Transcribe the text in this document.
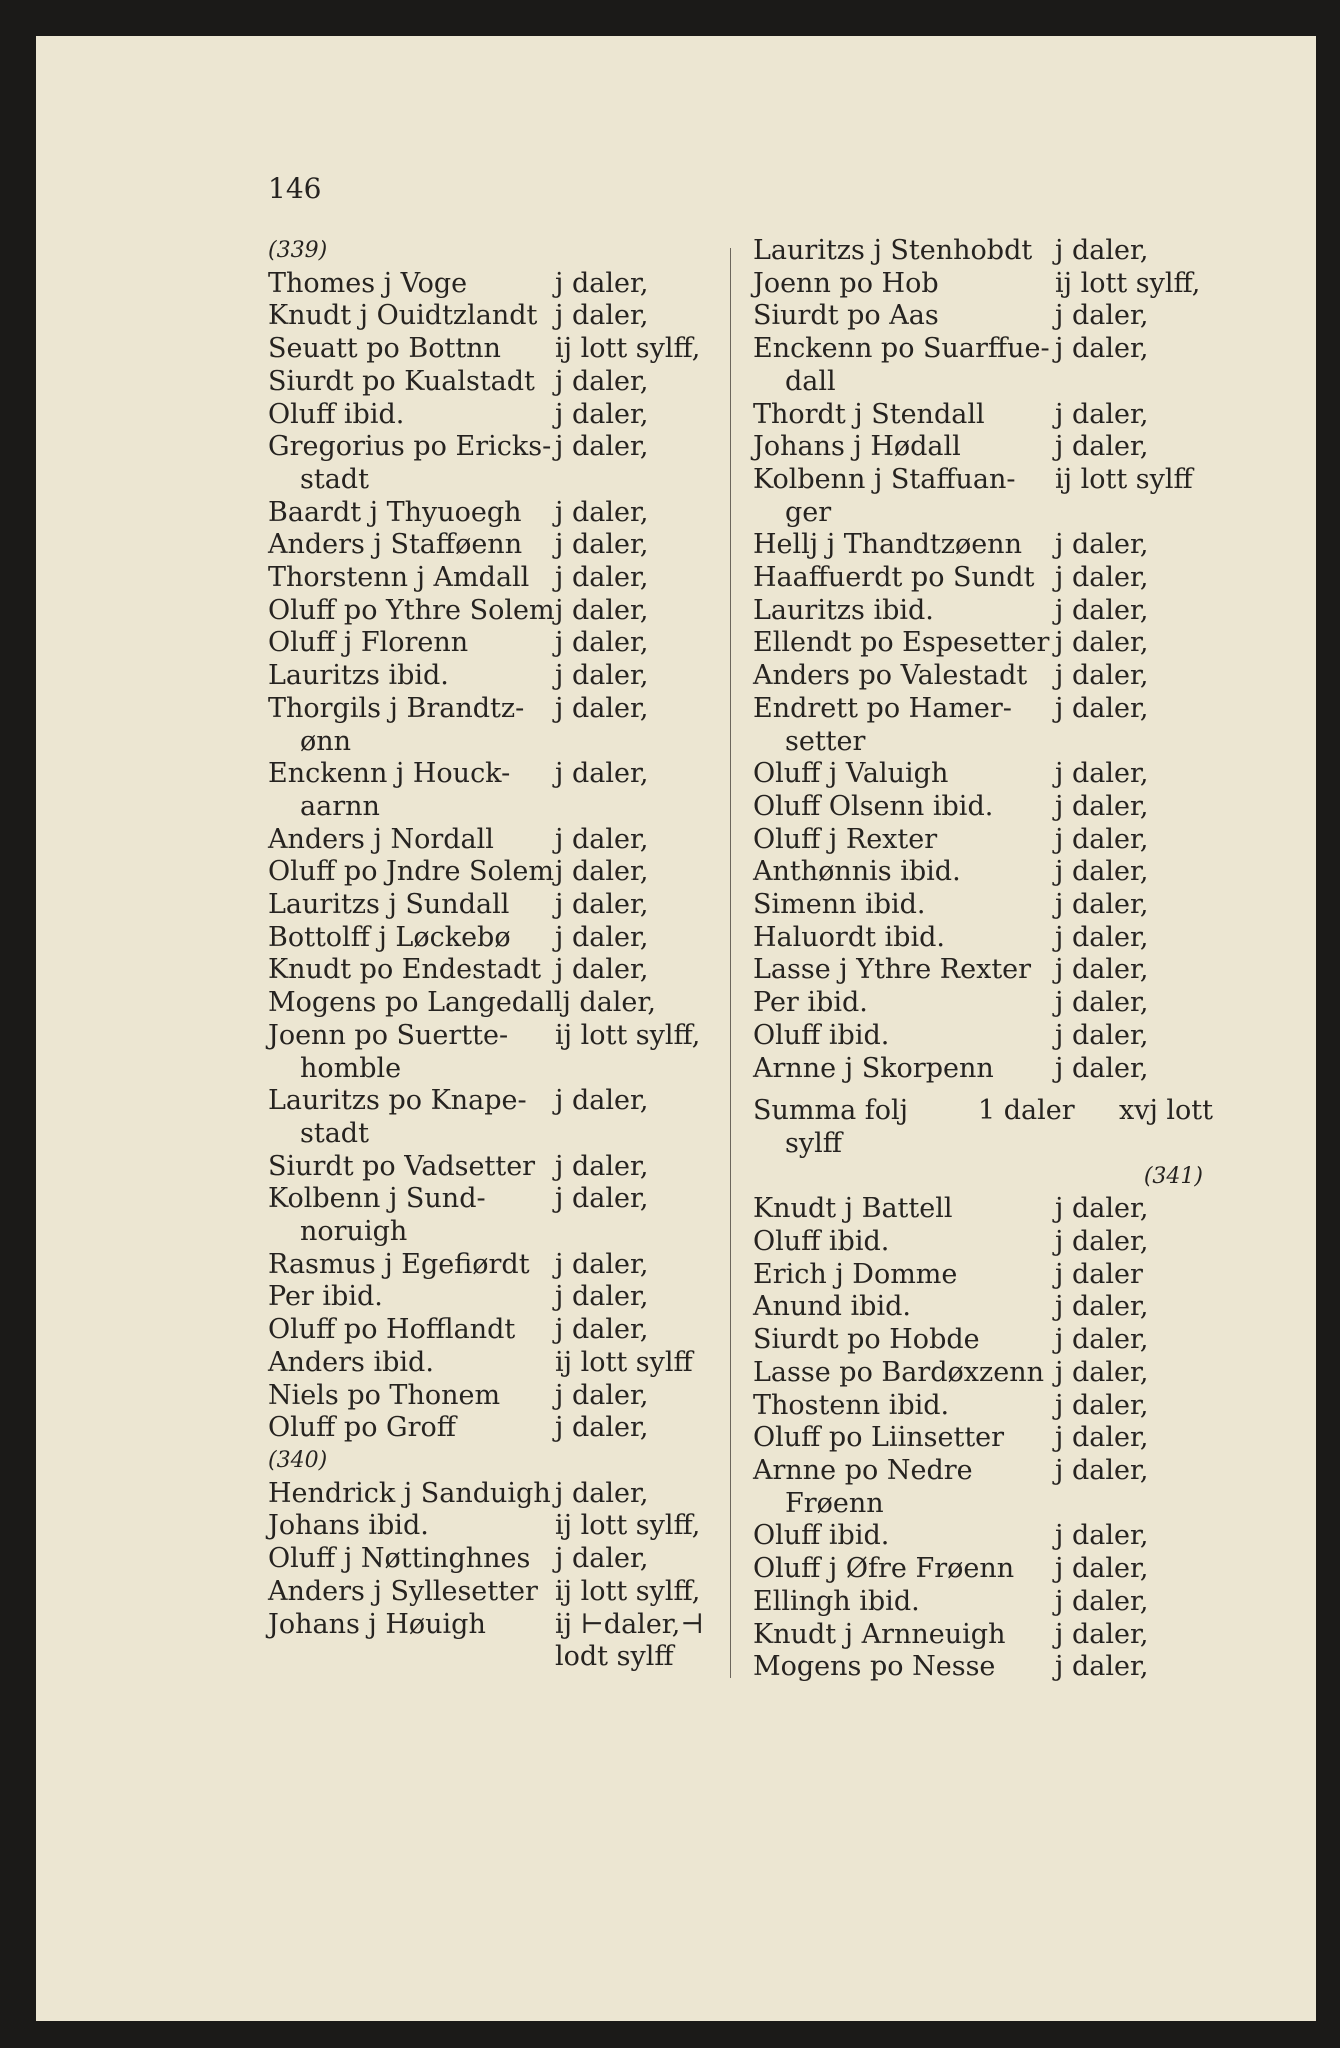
146
(339)
Thomes j Voge	j daler,
Knudt j Ouidtzlandt j daler,
Seuatt po Bottnn	ij lott sylff,
Siurdt po Kualstadt j daler,
Oluff ibid.	j daler,
Gregorius po Ericks- j daler,
stadt
Baardt j Thyuoegh	j daler,
Anders j Stafføenn	j daler,
Thorstenn j Amdall j daler,
Oluff po Ythre Solem j daler,
Oluff j Florenn	j daler,
Lauritzs ibid.	j daler,
Thorgils j Brandtz-	j daler,
ønn
Enckenn j Houck-	j daler,
aarnn
Anders j Nordall	j daler,
Oluff po Jndre Solem j daler,
Lauritzs j Sundall	j daler,
Bottolff j Løckebø	j daler,
Knudt po Endestadt j daler,
Mogens po Langedall j daler,
Joenn po Suertte-	ij lott sylff,
homble
Lauritzs po Knape-	j daler,
stadt
Siurdt po Vadsetter j daler,
Kolbenn j Sund-	j daler,
noruigh
Rasmus j Egefiørdt j daler,
Per ibid.	j daler,
Oluff po Hofflandt	j daler,
Anders ibid.	ij lott sylff
Niels po Thonem	j daler,
Oluff po Groff	j daler,
(340)
Hendrick j Sanduigh j daler,
Johans ibid.	ij lott sylff,
Oluff j Nøttinghnes j daler,
Anders j Syllesetter ij lott sylff,
Johans j Høuigh	ij ⊢daler,⊣
lodt sylff
Lauritzs j Stenhobdt j daler,
Joenn po Hob	ij lott sylff,
Siurdt po Aas	j daler,
Enckenn po Suarffue- j daler,
dall
Thordt j Stendall	j daler,
Johans j Hødall	j daler,
Kolbenn j Staffuan-	ij lott sylff
ger
Hellj j Thandtzøenn	j daler,
Haaffuerdt po Sundt j daler,
Lauritzs ibid.	j daler,
Ellendt po Espesetter j daler,
Anders po Valestadt	j daler,
Endrett po Hamer-	j daler,
setter
Oluff j Valuigh	j daler,
Oluff Olsenn ibid.	j daler,
Oluff j Rexter	j daler,
Anthønnis ibid.	j daler,
Simenn ibid.	j daler,
Haluordt ibid.	j daler,
Lasse j Ythre Rexter j daler,
Per ibid.	j daler,
Oluff ibid.	j daler,
Arnne j Skorpenn	j daler,
Summa folj	1 daler	xvj lott
sylff
(341)
Knudt j Battell	j daler,
Oluff ibid.	j daler,
Erich j Domme	j daler
Anund ibid.	j daler,
Siurdt po Hobde	j daler,
Lasse po Bardøxzenn j daler,
Thostenn ibid.	j daler,
Oluff po Liinsetter	j daler,
Arnne po Nedre	j daler,
Frøenn
Oluff ibid.	j daler,
Oluff j Øfre Frøenn	j daler,
Ellingh ibid.	j daler,
Knudt j Arnneuigh	j daler,
Mogens po Nesse	j daler,
